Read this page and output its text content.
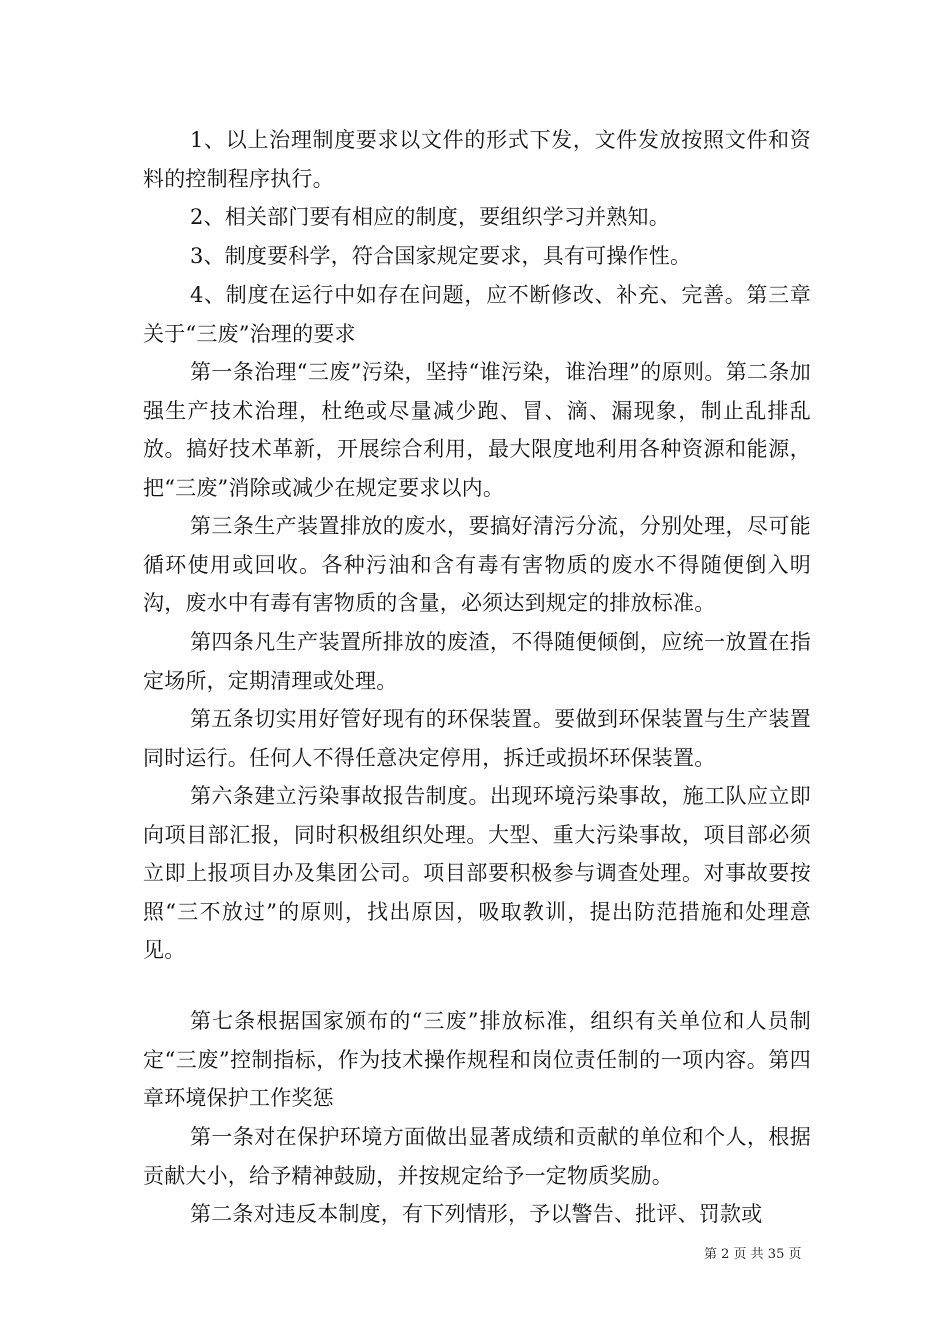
1、以上治理制度要求以文件的形式下发，文件发放按照文件和资料的控制程序执行。

2、相关部门要有相应的制度，要组织学习并熟知。

3、制度要科学，符合国家规定要求，具有可操作性。

4、制度在运行中如存在问题，应不断修改、补充、完善。第三章关于“三废”治理的要求

第一条治理“三废”污染，坚持“谁污染，谁治理”的原则。第二条加强生产技术治理，杜绝或尽量减少跑、冒、滴、漏现象，制止乱排乱放。搞好技术革新，开展综合利用，最大限度地利用各种资源和能源，把“三废”消除或减少在规定要求以内。

第三条生产装置排放的废水，要搞好清污分流，分别处理，尽可能循环使用或回收。各种污油和含有毒有害物质的废水不得随便倒入明沟，废水中有毒有害物质的含量，必须达到规定的排放标准。

第四条凡生产装置所排放的废渣，不得随便倾倒，应统一放置在指定场所，定期清理或处理。

第五条切实用好管好现有的环保装置。要做到环保装置与生产装置同时运行。任何人不得任意决定停用，拆迁或损坏环保装置。

第六条建立污染事故报告制度。出现环境污染事故，施工队应立即向项目部汇报，同时积极组织处理。大型、重大污染事故，项目部必须立即上报项目办及集团公司。项目部要积极参与调查处理。对事故要按照“三不放过”的原则，找出原因，吸取教训，提出防范措施和处理意见。

第七条根据国家颁布的“三废”排放标准，组织有关单位和人员制定“三废”控制指标，作为技术操作规程和岗位责任制的一项内容。第四章环境保护工作奖惩

第一条对在保护环境方面做出显著成绩和贡献的单位和个人，根据贡献大小，给予精神鼓励，并按规定给予一定物质奖励。

第二条对违反本制度，有下列情形，予以警告、批评、罚款或

第 2 页 共 35 页
